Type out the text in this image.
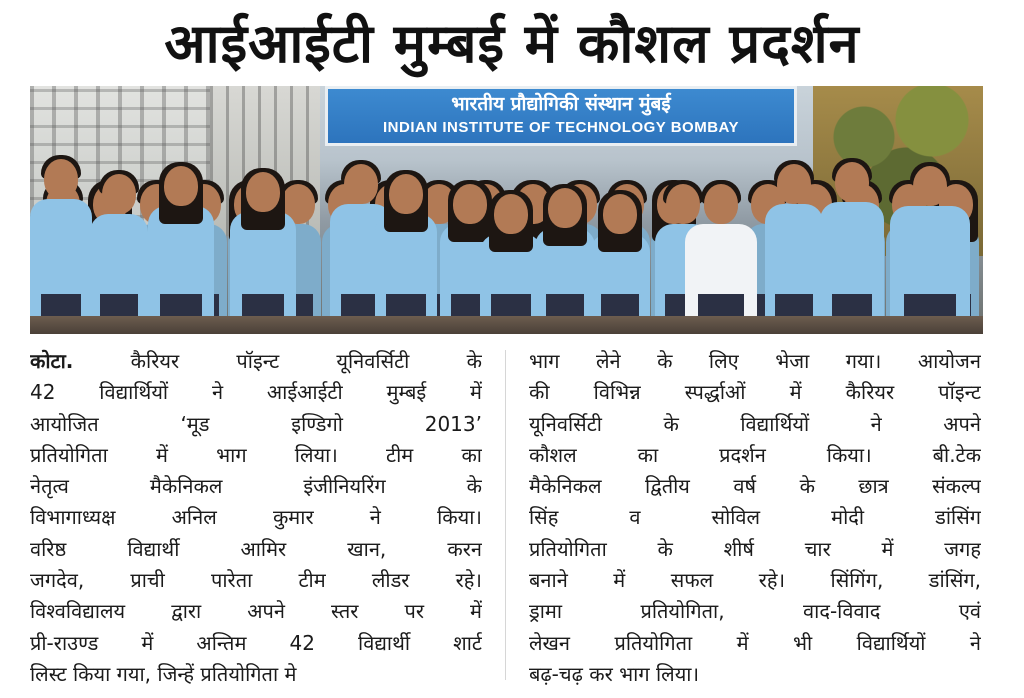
आईआईटी मुम्बई में कौशल प्रदर्शन
भारतीय प्रौद्योगिकी संस्थान मुंबई
INDIAN INSTITUTE OF TECHNOLOGY BOMBAY
कोटा. कैरियर पॉइन्ट यूनिवर्सिटी के
42 विद्यार्थियों ने आईआईटी मुम्बई में
आयोजित ‘मूड इण्डिगो 2013’
प्रतियोगिता में भाग लिया। टीम का
नेतृत्व मैकेनिकल इंजीनियरिंग के
विभागाध्यक्ष अनिल कुमार ने किया।
वरिष्ठ विद्यार्थी आमिर खान, करन
जगदेव, प्राची पारेता टीम लीडर रहे।
विश्वविद्यालय द्वारा अपने स्तर पर में
प्री-राउण्ड में अन्तिम 42 विद्यार्थी शार्ट
लिस्ट किया गया, जिन्हें प्रतियोगिता मे
भाग लेने के लिए भेजा गया। आयोजन
की विभिन्न स्पर्द्धाओं में कैरियर पॉइन्ट
यूनिवर्सिटी के विद्यार्थियों ने अपने
कौशल का प्रदर्शन किया। बी.टेक
मैकेनिकल द्वितीय वर्ष के छात्र संकल्प
सिंह व सोविल मोदी डांसिंग
प्रतियोगिता के शीर्ष चार में जगह
बनाने में सफल रहे। सिंगिंग, डांसिंग,
ड्रामा प्रतियोगिता, वाद-विवाद एवं
लेखन प्रतियोगिता में भी विद्यार्थियों ने
बढ़-चढ़ कर भाग लिया।
